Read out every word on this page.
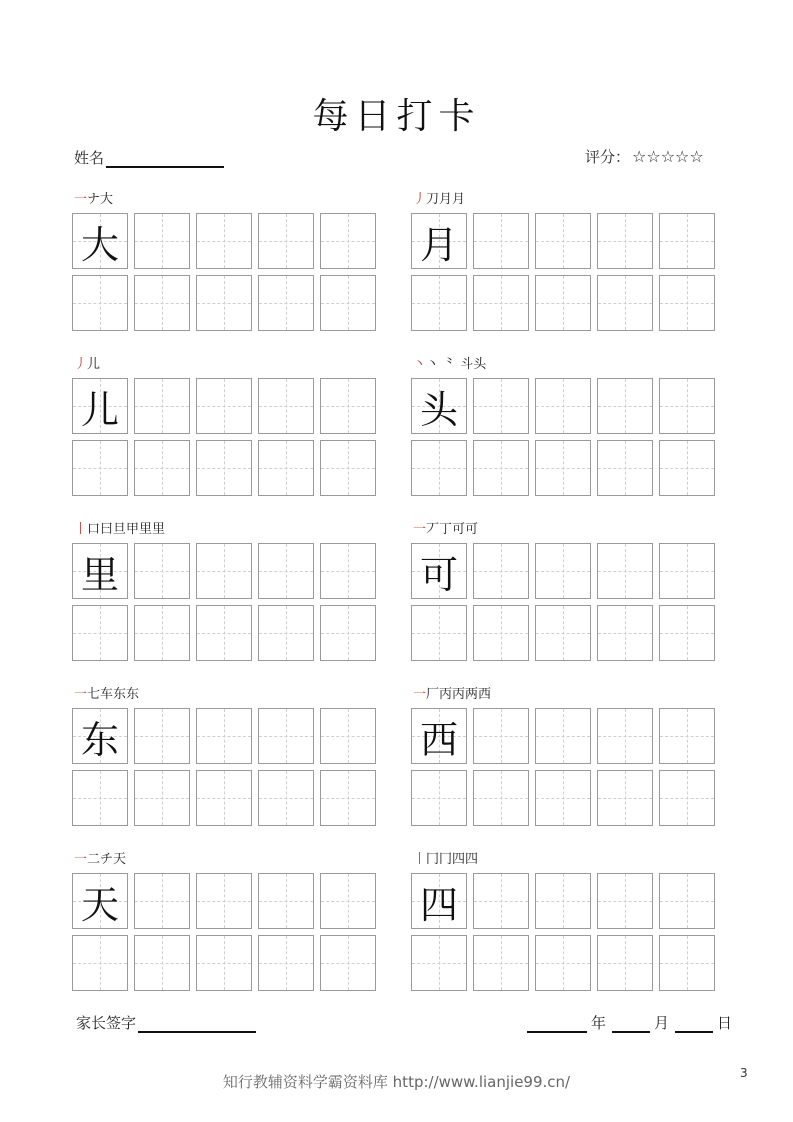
每日打卡
姓名	评分： ☆☆☆☆☆
一ナ大
大
丿刀月月
月
丿儿
儿
丶丶 ⺀ 斗头
头
丨口曰旦甲里里
里
一丆丁可可
可
一七车东东
东
一厂丙丙两西
西
一二チ天
天
丨冂冂四四
四
家长签字	年	月	日
知行教辅资料学霸资料库 http://www.lianjie99.cn/	3
